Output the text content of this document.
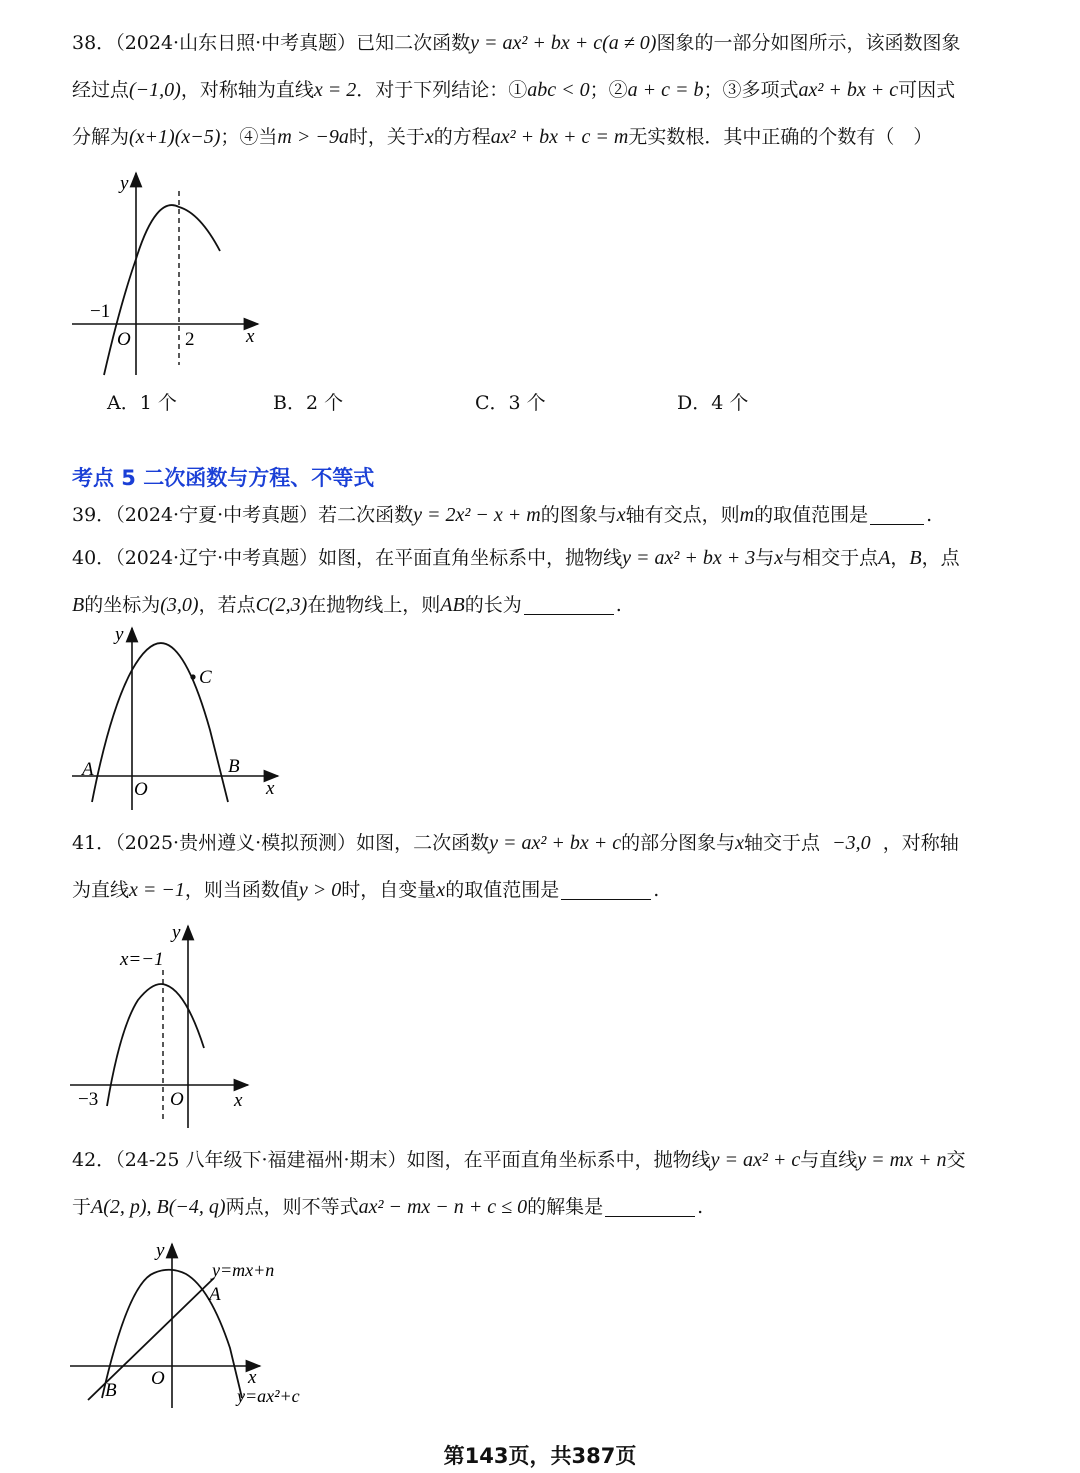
38．（2024·山东日照·中考真题）已知二次函数y = ax² + bx + c(a ≠ 0)图象的一部分如图所示，该函数图象
经过点(−1,0)，对称轴为直线x = 2．对于下列结论：①abc < 0；②a + c = b；③多项式ax² + bx + c可因式
分解为(x+1)(x−5)；④当m > −9a时，关于x的方程ax² + bx + c = m无实数根．其中正确的个数有（　）
y
x
O
−1
2
A．1 个	B．2 个	C．3 个	D．4 个
考点 5 二次函数与方程、不等式
39．（2024·宁夏·中考真题）若二次函数y = 2x² − x + m的图象与x轴有交点，则m的取值范围是	.
40．（2024·辽宁·中考真题）如图，在平面直角坐标系中，抛物线y = ax² + bx + 3与x与相交于点A，B，点
B的坐标为(3,0)，若点C(2,3)在抛物线上，则AB的长为	.
y
x
O
A	B
C
41．（2025·贵州遵义·模拟预测）如图，二次函数y = ax² + bx + c的部分图象与x轴交于点 −3,0 ，对称轴
为直线x = −1，则当函数值y > 0时，自变量x的取值范围是	.
y
x
O
−3
x=−1
42．（24-25 八年级下·福建福州·期末）如图，在平面直角坐标系中，抛物线y = ax² + c与直线y = mx + n交
于A(2, p), B(−4, q)两点，则不等式ax² − mx − n + c ≤ 0的解集是	.
y
x
O
A
B
y=mx+n
y=ax²+c
第143页，共387页
